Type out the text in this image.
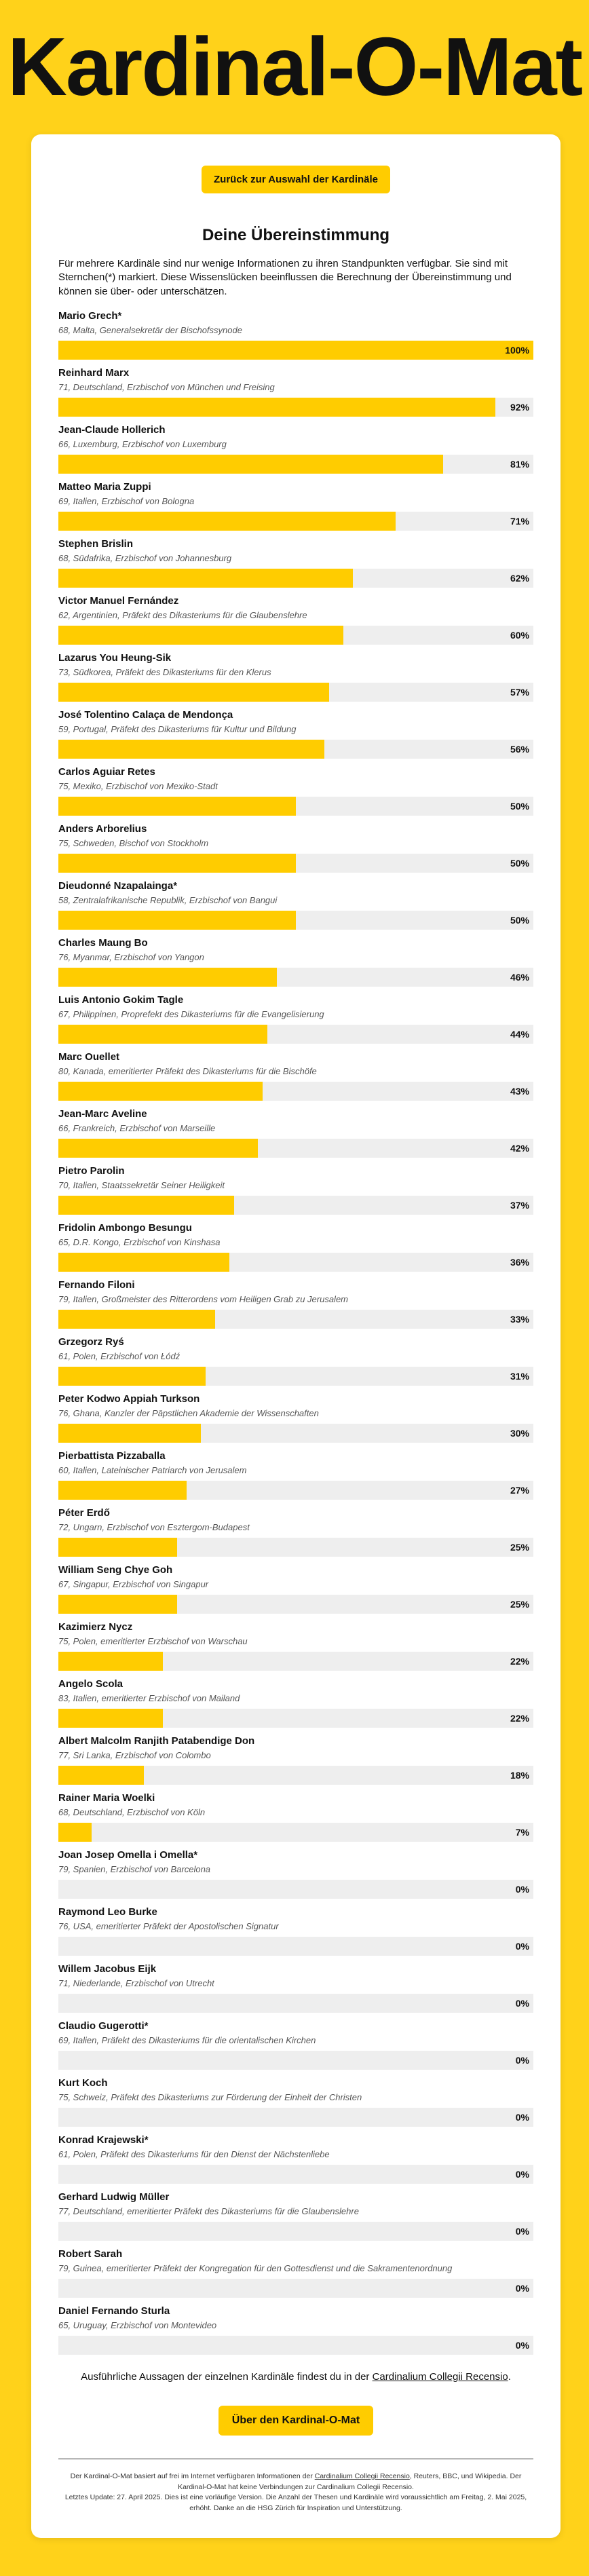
Kardinal-O-Mat
Zurück zur Auswahl der Kardinäle
Deine Übereinstimmung

Für mehrere Kardinäle sind nur wenige Informationen zu ihren Standpunkten verfügbar. Sie sind mit Sternchen(*) markiert. Diese Wissenslücken beeinflussen die Berechnung der Übereinstimmung und können sie über- oder unterschätzen.

Mario Grech*
68, Malta, Generalsekretär der Bischofssynode
100%
Reinhard Marx
71, Deutschland, Erzbischof von München und Freising
92%
Jean-Claude Hollerich
66, Luxemburg, Erzbischof von Luxemburg
81%
Matteo Maria Zuppi
69, Italien, Erzbischof von Bologna
71%
Stephen Brislin
68, Südafrika, Erzbischof von Johannesburg
62%
Victor Manuel Fernández
62, Argentinien, Präfekt des Dikasteriums für die Glaubenslehre
60%
Lazarus You Heung-Sik
73, Südkorea, Präfekt des Dikasteriums für den Klerus
57%
José Tolentino Calaça de Mendonça
59, Portugal, Präfekt des Dikasteriums für Kultur und Bildung
56%
Carlos Aguiar Retes
75, Mexiko, Erzbischof von Mexiko-Stadt
50%
Anders Arborelius
75, Schweden, Bischof von Stockholm
50%
Dieudonné Nzapalainga*
58, Zentralafrikanische Republik, Erzbischof von Bangui
50%
Charles Maung Bo
76, Myanmar, Erzbischof von Yangon
46%
Luis Antonio Gokim Tagle
67, Philippinen, Proprefekt des Dikasteriums für die Evangelisierung
44%
Marc Ouellet
80, Kanada, emeritierter Präfekt des Dikasteriums für die Bischöfe
43%
Jean-Marc Aveline
66, Frankreich, Erzbischof von Marseille
42%
Pietro Parolin
70, Italien, Staatssekretär Seiner Heiligkeit
37%
Fridolin Ambongo Besungu
65, D.R. Kongo, Erzbischof von Kinshasa
36%
Fernando Filoni
79, Italien, Großmeister des Ritterordens vom Heiligen Grab zu Jerusalem
33%
Grzegorz Ryś
61, Polen, Erzbischof von Łódź
31%
Peter Kodwo Appiah Turkson
76, Ghana, Kanzler der Päpstlichen Akademie der Wissenschaften
30%
Pierbattista Pizzaballa
60, Italien, Lateinischer Patriarch von Jerusalem
27%
Péter Erdő
72, Ungarn, Erzbischof von Esztergom-Budapest
25%
William Seng Chye Goh
67, Singapur, Erzbischof von Singapur
25%
Kazimierz Nycz
75, Polen, emeritierter Erzbischof von Warschau
22%
Angelo Scola
83, Italien, emeritierter Erzbischof von Mailand
22%
Albert Malcolm Ranjith Patabendige Don
77, Sri Lanka, Erzbischof von Colombo
18%
Rainer Maria Woelki
68, Deutschland, Erzbischof von Köln
7%
Joan Josep Omella i Omella*
79, Spanien, Erzbischof von Barcelona
0%
Raymond Leo Burke
76, USA, emeritierter Präfekt der Apostolischen Signatur
0%
Willem Jacobus Eijk
71, Niederlande, Erzbischof von Utrecht
0%
Claudio Gugerotti*
69, Italien, Präfekt des Dikasteriums für die orientalischen Kirchen
0%
Kurt Koch
75, Schweiz, Präfekt des Dikasteriums zur Förderung der Einheit der Christen
0%
Konrad Krajewski*
61, Polen, Präfekt des Dikasteriums für den Dienst der Nächstenliebe
0%
Gerhard Ludwig Müller
77, Deutschland, emeritierter Präfekt des Dikasteriums für die Glaubenslehre
0%
Robert Sarah
79, Guinea, emeritierter Präfekt der Kongregation für den Gottesdienst und die Sakramentenordnung
0%
Daniel Fernando Sturla
65, Uruguay, Erzbischof von Montevideo
0%
Ausführliche Aussagen der einzelnen Kardinäle findest du in der Cardinalium Collegii Recensio.
Über den Kardinal-O-Mat
Der Kardinal-O-Mat basiert auf frei im Internet verfügbaren Informationen der Cardinalium Collegii Recensio, Reuters, BBC, und Wikipedia. Der Kardinal-O-Mat hat keine Verbindungen zur Cardinalium Collegii Recensio.
Letztes Update: 27. April 2025. Dies ist eine vorläufige Version. Die Anzahl der Thesen und Kardinäle wird voraussichtlich am Freitag, 2. Mai 2025, erhöht. Danke an die HSG Zürich für Inspiration und Unterstützung.
